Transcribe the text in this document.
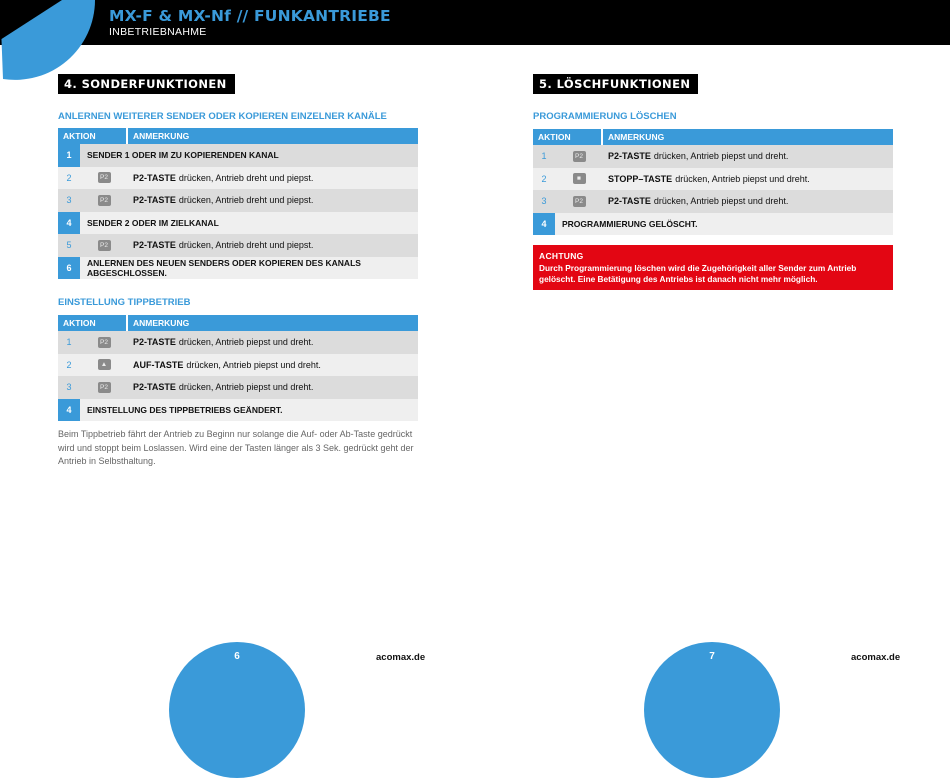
MX-F & MX-Nf // FUNKANTRIEBE
INBETRIEBNAHME
4. SONDERFUNKTIONEN
ANLERNEN WEITERER SENDER ODER KOPIEREN EINZELNER KANÄLE
AKTION	ANMERKUNG
1	SENDER 1 ODER IM ZU KOPIERENDEN KANAL
2	P2	P2-TASTE drücken, Antrieb dreht und piepst.
3	P2	P2-TASTE drücken, Antrieb dreht und piepst.
4	SENDER 2 ODER IM ZIELKANAL
5	P2	P2-TASTE drücken, Antrieb dreht und piepst.
6	ANLERNEN DES NEUEN SENDERS ODER KOPIEREN DES KANALS ABGESCHLOSSEN.
EINSTELLUNG TIPPBETRIEB
AKTION	ANMERKUNG
1	P2	P2-TASTE drücken, Antrieb piepst und dreht.
2	▲	AUF-TASTE drücken, Antrieb piepst und dreht.
3	P2	P2-TASTE drücken, Antrieb piepst und dreht.
4	EINSTELLUNG DES TIPPBETRIEBS GEÄNDERT.
Beim Tippbetrieb fährt der Antrieb zu Beginn nur solange die Auf- oder Ab-Taste gedrückt wird und stoppt beim Loslassen. Wird eine der Tasten länger als 3 Sek. gedrückt geht der Antrieb in Selbsthaltung.
5. LÖSCHFUNKTIONEN
PROGRAMMIERUNG LÖSCHEN
AKTION	ANMERKUNG
1	P2	P2-TASTE drücken, Antrieb piepst und dreht.
2	■	STOPP–TASTE drücken, Antrieb piepst und dreht.
3	P2	P2-TASTE drücken, Antrieb piepst und dreht.
4	PROGRAMMIERUNG GELÖSCHT.
ACHTUNG
Durch Programmierung löschen wird die Zugehörigkeit aller Sender zum Antrieb gelöscht. Eine Betätigung des Antriebs ist danach nicht mehr möglich.
6	acomax.de	7	acomax.de
